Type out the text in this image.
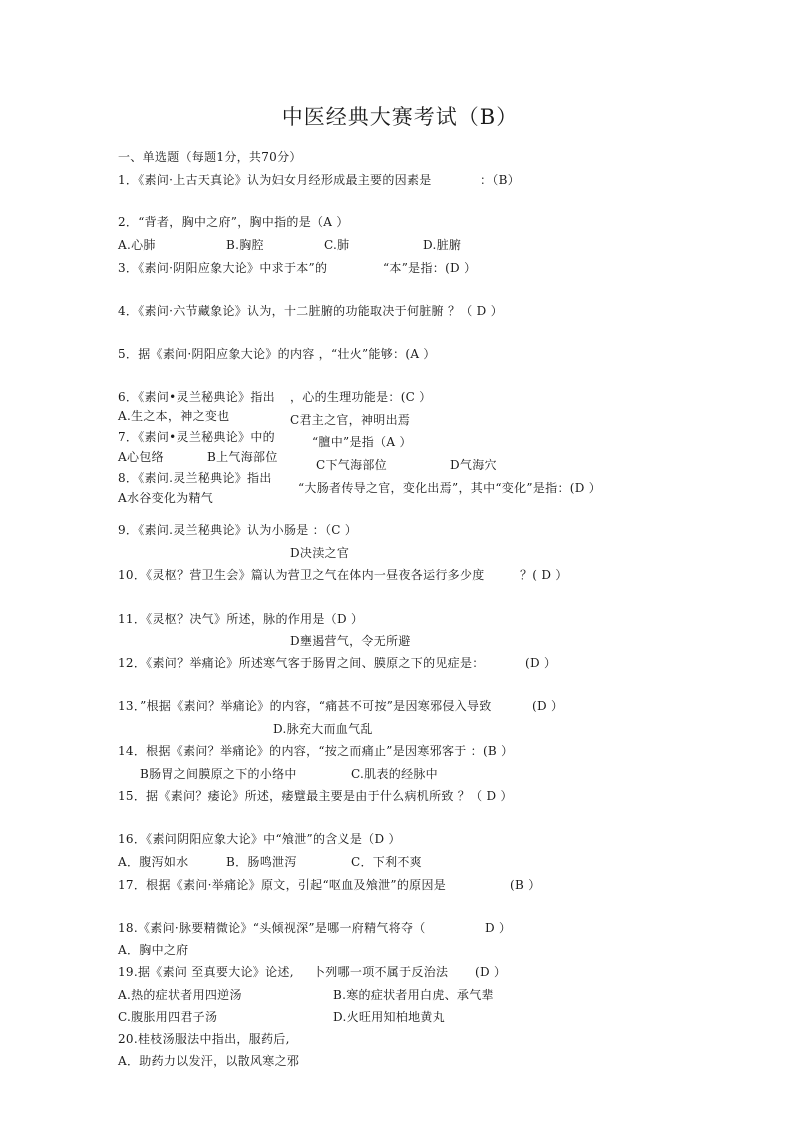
中医经典大赛考试（B）
一、单选题（每题1分，共70分）
1．《素问·上古天真论》认为妇女月经形成最主要的因素是	：（B）
2．“背者，胸中之府”，胸中指的是（A ）
A.心肺	B.胸腔	C.肺	D.脏腑
3．《素问·阴阳应象大论》中求于本”的	“本”是指：(D ）
4．《素问·六节藏象论》认为，十二脏腑的功能取决于何脏腑 ？（ D ）
5．据《素问·阴阳应象大论》的内容 ，“壮火”能够：(A ）
6．《素问•灵兰秘典论》指出 ，心的生理功能是：(C ）
A.生之本，神之变也	C君主之官，神明出焉
7．《素问•灵兰秘典论》中的	“膻中”是指（A ）
A心包络	B上气海部位
C下气海部位	D气海穴
8．《素问.灵兰秘典论》指出
“大肠者传导之官，变化出焉”，其中“变化”是指：(D ）
A水谷变化为精气
9．《素问.灵兰秘典论》认为小肠是 ：（C ）
D决渎之官
10．《灵枢？营卫生会》篇认为营卫之气在体内一昼夜各运行多少度	？( D ）
11．《灵枢？决气》所述，脉的作用是（D ）
D壅遏营气，令无所避
12．《素问？举痛论》所述寒气客于肠胃之间、膜原之下的见症是：	(D ）
13．”根据《素问？举痛论》的内容，“痛甚不可按”是因寒邪侵入导致	(D ）
D.脉充大而血气乱
14．根据《素问？举痛论》的内容，“按之而痛止”是因寒邪客于 ：(B ）
B肠胃之间膜原之下的小络中	C.肌表的经脉中
15．据《素问？痿论》所述，痿躄最主要是由于什么病机所致 ？（ D ）
16．《素问阴阳应象大论》中“飧泄”的含义是（D ）
A．腹泻如水	B．肠鸣泄泻	C．下利不爽
17．根据《素问·举痛论》原文，引起“呕血及飧泄”的原因是	(B ）
18.《素问·脉要精微论》“头倾视深”是哪一府精气将夺（	D ）
A．胸中之府
19.据《素问 至真要大论》论述, 卜列哪一项不属于反治法 (D ）
A.热的症状者用四逆汤	B.寒的症状者用白虎、承气辈
C.腹胀用四君子汤	D.火旺用知柏地黄丸
20.桂枝汤服法中指出，服药后,
A．助药力以发汗，以散风寒之邪
